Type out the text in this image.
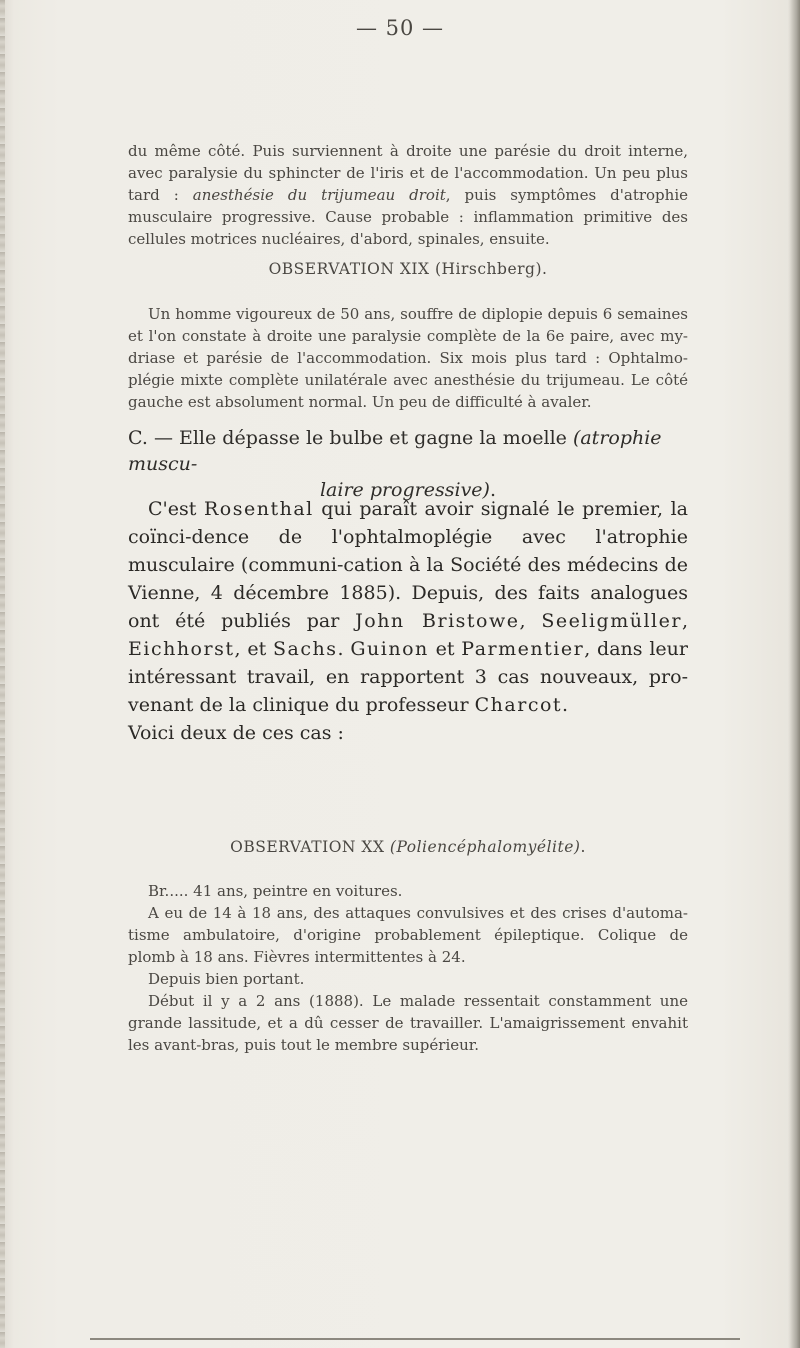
— 50 —

du même côté. Puis surviennent à droite une parésie du droit interne, avec paralysie du sphincter de l'iris et de l'accommodation. Un peu plus tard : anesthésie du trijumeau droit, puis symptômes d'atrophie musculaire progressive. Cause probable : inflammation primitive des cellules motrices nucléaires, d'abord, spinales, ensuite.

OBSERVATION XIX (Hirschberg).

Un homme vigoureux de 50 ans, souffre de diplopie depuis 6 semaines et l'on constate à droite une paralysie complète de la 6e paire, avec my-driase et parésie de l'accommodation. Six mois plus tard : Ophtalmo-plégie mixte complète unilatérale avec anesthésie du trijumeau. Le côté gauche est absolument normal. Un peu de difficulté à avaler.

C. — Elle dépasse le bulbe et gagne la moelle (atrophie muscu-
laire progressive).

C'est Rosenthal qui paraît avoir signalé le premier, la coïnci-dence de l'ophtalmoplégie avec l'atrophie musculaire (communi-cation à la Société des médecins de Vienne, 4 décembre 1885). Depuis, des faits analogues ont été publiés par John Bristowe, Seeligmüller, Eichhorst, et Sachs. Guinon et Parmentier, dans leur intéressant travail, en rapportent 3 cas nouveaux, pro-venant de la clinique du professeur Charcot.

Voici deux de ces cas :

OBSERVATION XX (Poliencéphalomyélite).

Br..... 41 ans, peintre en voitures.

A eu de 14 à 18 ans, des attaques convulsives et des crises d'automa-tisme ambulatoire, d'origine probablement épileptique. Colique de plomb à 18 ans. Fièvres intermittentes à 24.

Depuis bien portant.

Début il y a 2 ans (1888). Le malade ressentait constamment une grande lassitude, et a dû cesser de travailler. L'amaigrissement envahit les avant-bras, puis tout le membre supérieur.
